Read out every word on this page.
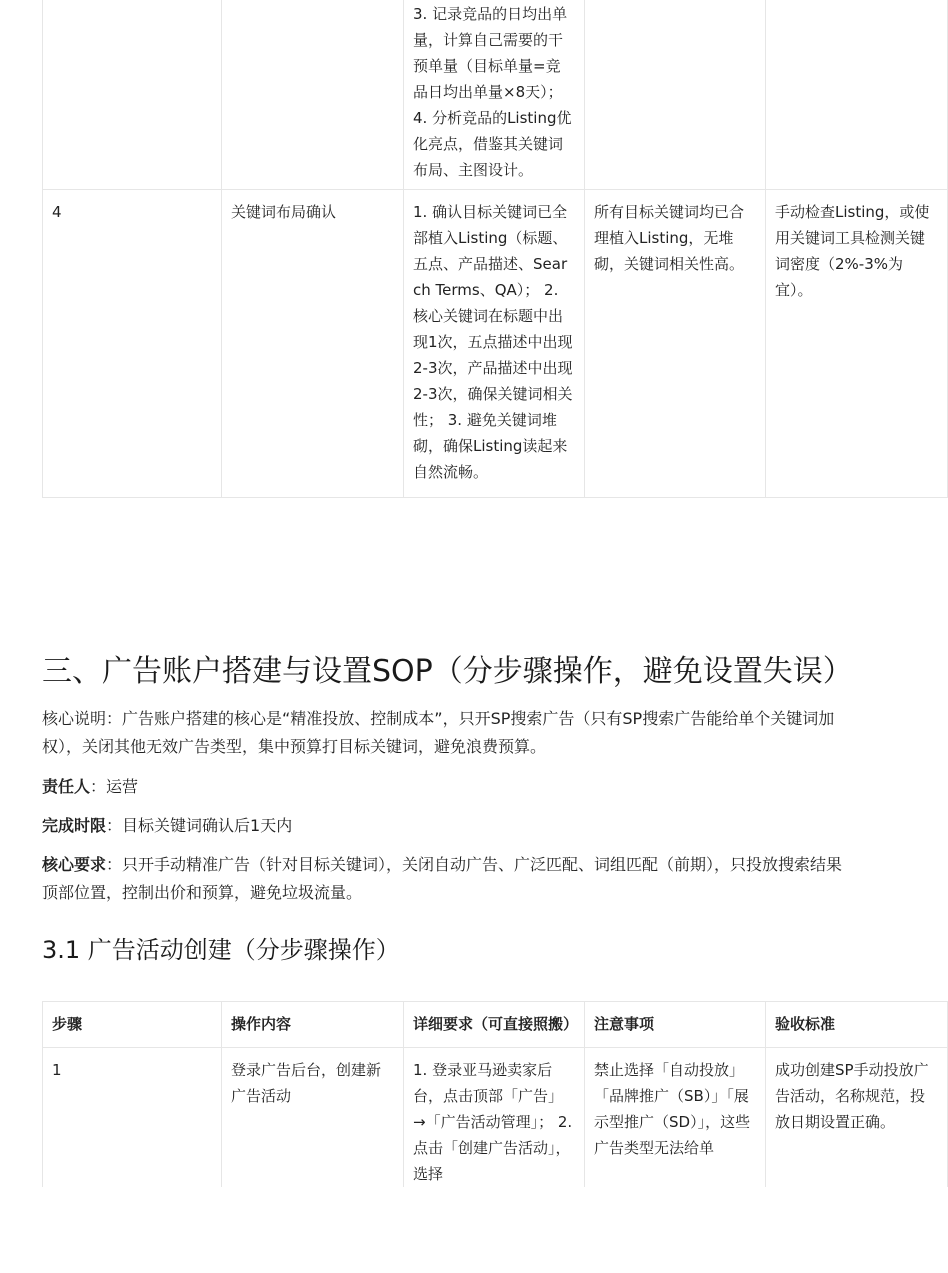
		3. 记录竞品的日均出单量，计算自己需要的干预单量（目标单量=竞品日均出单量×8天）； 4. 分析竞品的Listing优化亮点，借鉴其关键词布局、主图设计。		

4	关键词布局确认	1. 确认目标关键词已全部植入Listing（标题、五点、产品描述、Search Terms、QA）； 2. 核心关键词在标题中出现1次，五点描述中出现2-3次，产品描述中出现2-3次，确保关键词相关性； 3. 避免关键词堆砌，确保Listing读起来自然流畅。	所有目标关键词均已合理植入Listing，无堆砌，关键词相关性高。	手动检查Listing，或使用关键词工具检测关键词密度（2%-3%为宜）。
三、广告账户搭建与设置SOP（分步骤操作，避免设置失误）

核心说明：广告账户搭建的核心是“精准投放、控制成本”，只开SP搜索广告（只有SP搜索广告能给单个关键词加权），关闭其他无效广告类型，集中预算打目标关键词，避免浪费预算。

责任人：运营

完成时限：目标关键词确认后1天内

核心要求：只开手动精准广告（针对目标关键词），关闭自动广告、广泛匹配、词组匹配（前期），只投放搜索结果顶部位置，控制出价和预算，避免垃圾流量。

3.1 广告活动创建（分步骤操作）
步骤	操作内容	详细要求（可直接照搬）	注意事项	验收标准

1	登录广告后台，创建新广告活动	1. 登录亚马逊卖家后台，点击顶部「广告」→「广告活动管理」； 2. 点击「创建广告活动」，选择	禁止选择「自动投放」「品牌推广（SB）」「展示型推广（SD）」，这些广告类型无法给单	成功创建SP手动投放广告活动，名称规范，投放日期设置正确。
